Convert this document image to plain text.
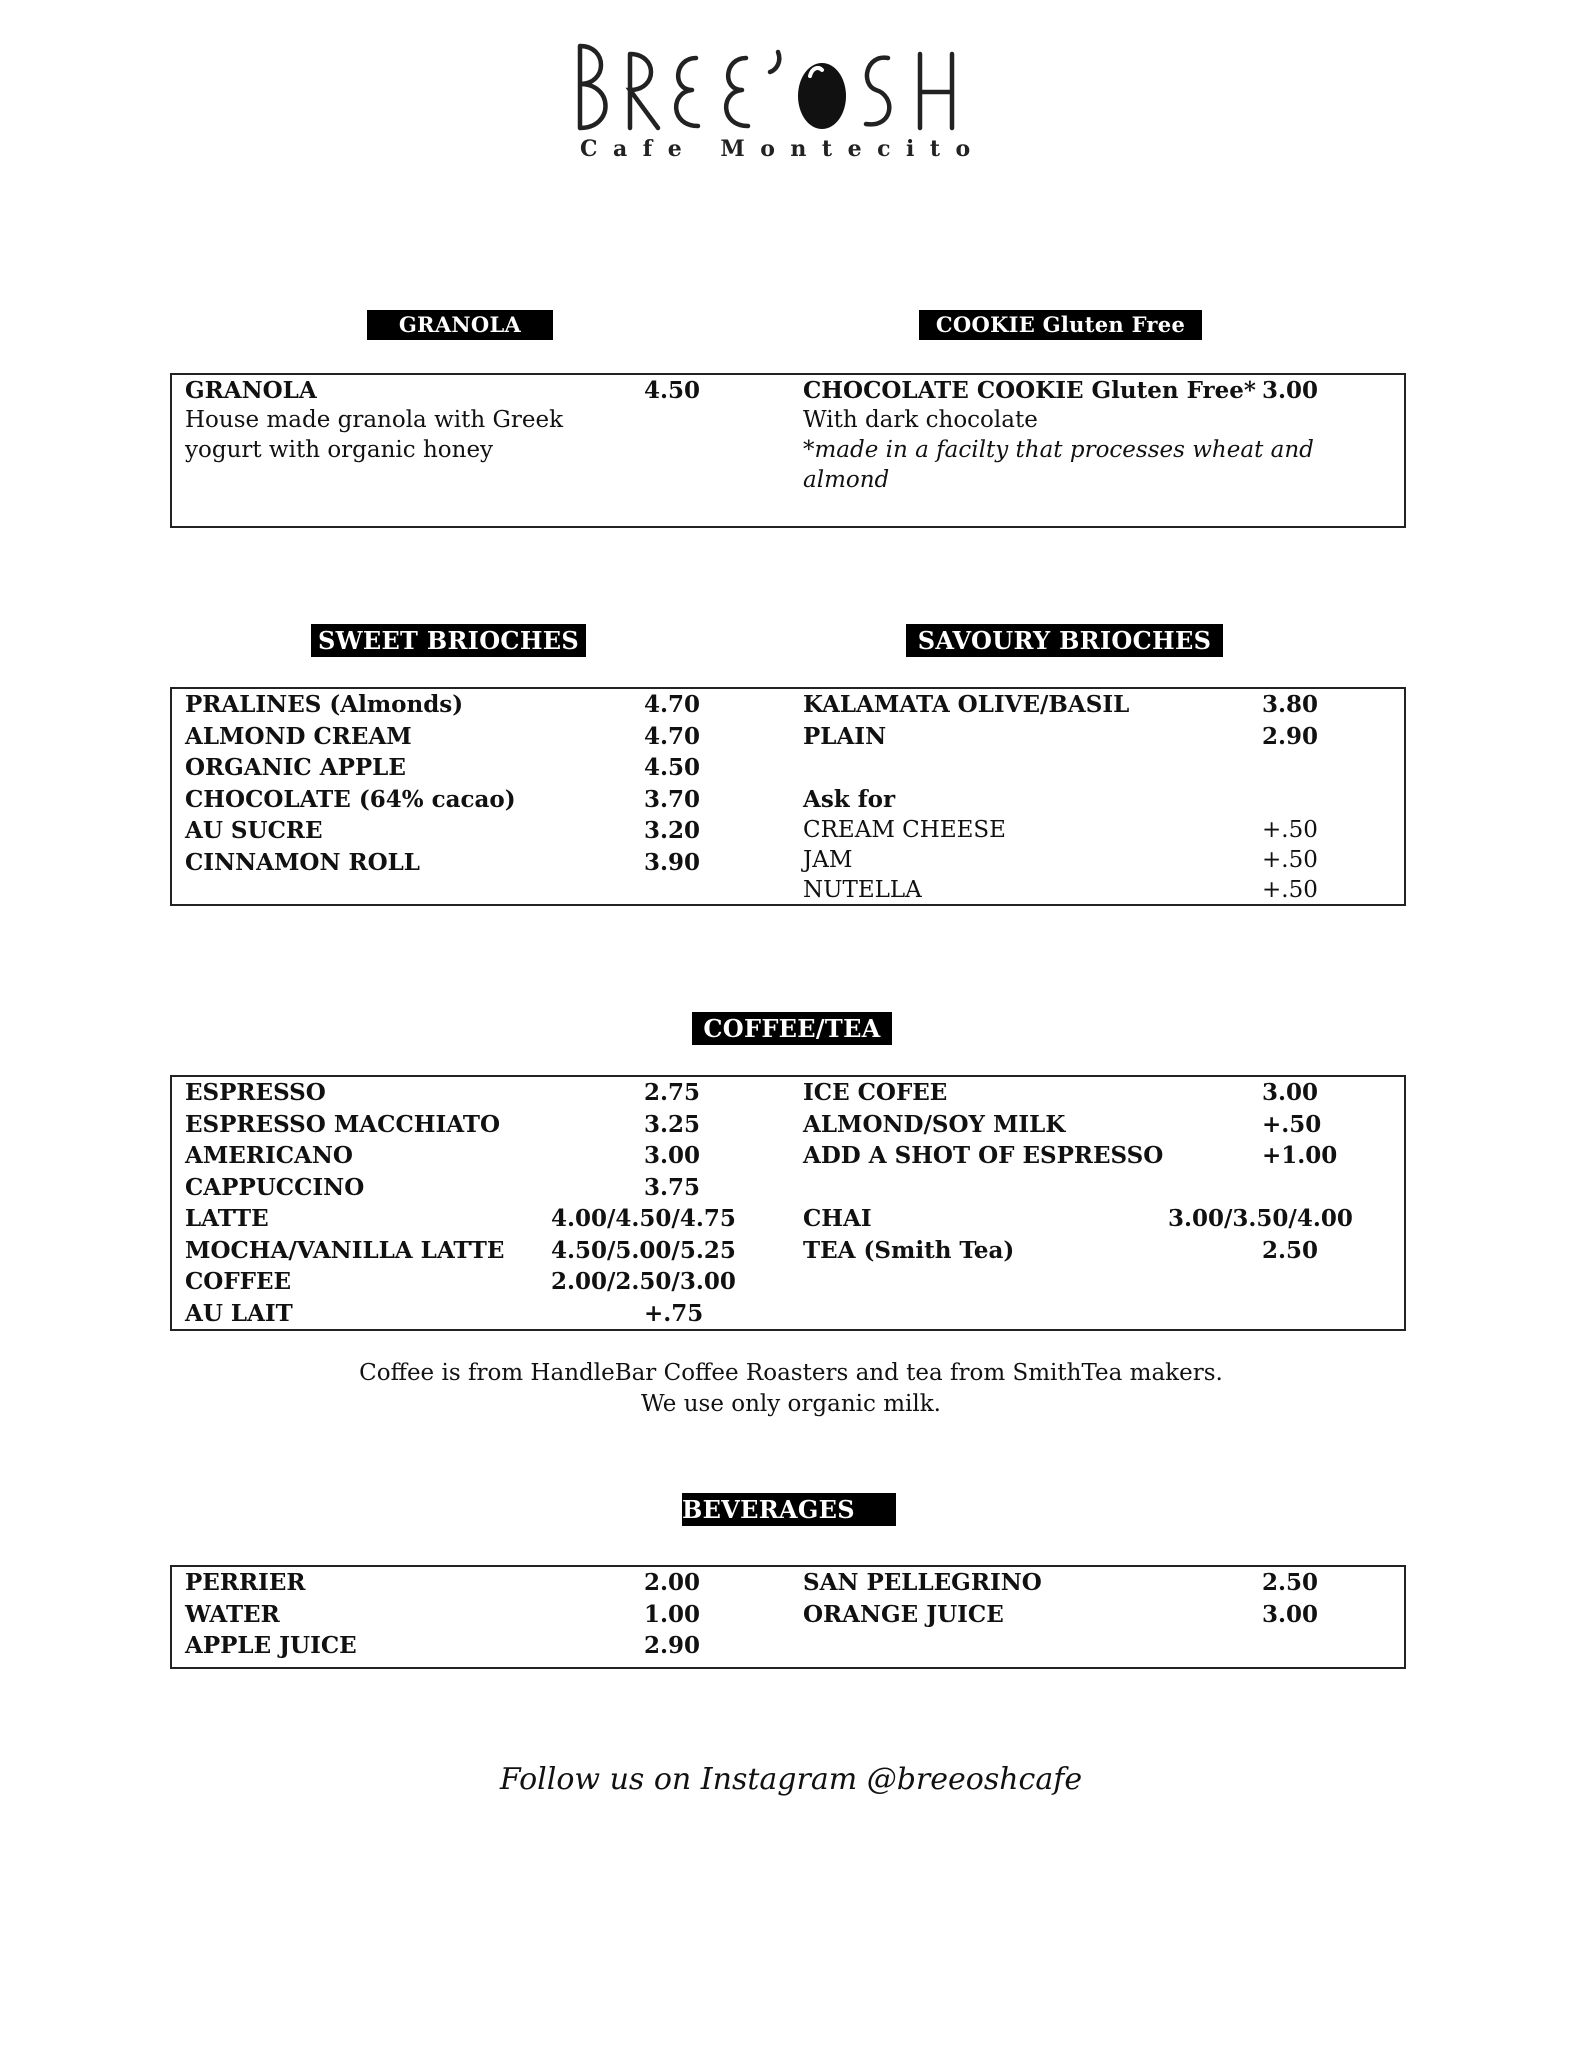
Cafe Montecito
GRANOLA	COOKIE Gluten Free
GRANOLA	4.50
House made granola with Greek
yogurt with organic honey
CHOCOLATE COOKIE Gluten Free* 3.00
With dark chocolate
*made in a facilty that processes wheat and
almond
SWEET BRIOCHES	SAVOURY BRIOCHES
PRALINES (Almonds)	4.70
ALMOND CREAM	4.70
ORGANIC APPLE	4.50
CHOCOLATE (64% cacao)	3.70
AU SUCRE	3.20
CINNAMON ROLL	3.90
KALAMATA OLIVE/BASIL	3.80
PLAIN	2.90
Ask for
CREAM CHEESE	+.50
JAM	+.50
NUTELLA	+.50
COFFEE/TEA
ESPRESSO	2.75
ESPRESSO MACCHIATO	3.25
AMERICANO	3.00
CAPPUCCINO	3.75
LATTE	4.00/4.50/4.75
MOCHA/VANILLA LATTE 4.50/5.00/5.25
COFFEE	2.00/2.50/3.00
AU LAIT	+.75
ICE COFEE	3.00
ALMOND/SOY MILK	+.50
ADD A SHOT OF ESPRESSO	+1.00
CHAI	3.00/3.50/4.00
TEA (Smith Tea)	2.50
Coffee is from HandleBar Coffee Roasters and tea from SmithTea makers.
We use only organic milk.
BEVERAGES
PERRIER	2.00
WATER	1.00
APPLE JUICE	2.90
SAN PELLEGRINO	2.50
ORANGE JUICE	3.00
Follow us on Instagram @breeoshcafe
